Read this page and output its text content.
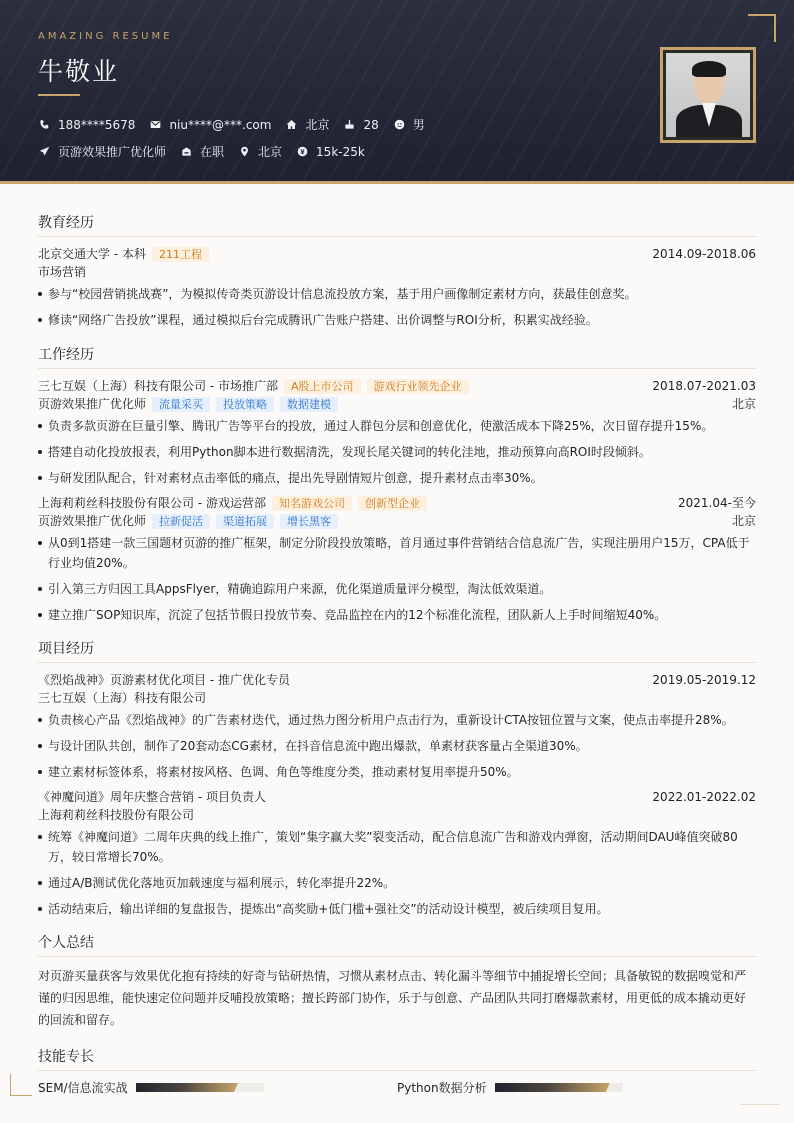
AMAZING RESUME
牛敬业
188****5678	niu****@***.com	北京	28	男
页游效果推广优化师	在职	北京	15k-25k
教育经历
北京交通大学 - 本科	211工程	2014.09-2018.06
市场营销
参与“校园营销挑战赛”，为模拟传奇类页游设计信息流投放方案，基于用户画像制定素材方向，获最佳创意奖。
修读“网络广告投放”课程，通过模拟后台完成腾讯广告账户搭建、出价调整与ROI分析，积累实战经验。
工作经历
三七互娱（上海）科技有限公司 - 市场推广部	A股上市公司	游戏行业领先企业	2018.07-2021.03
页游效果推广优化师	流量采买	投放策略	数据建模	北京
负责多款页游在巨量引擎、腾讯广告等平台的投放，通过人群包分层和创意优化，使激活成本下降25%，次日留存提升15%。
搭建自动化投放报表，利用Python脚本进行数据清洗，发现长尾关键词的转化洼地，推动预算向高ROI时段倾斜。
与研发团队配合，针对素材点击率低的痛点，提出先导剧情短片创意，提升素材点击率30%。
上海莉莉丝科技股份有限公司 - 游戏运营部	知名游戏公司	创新型企业	2021.04-至今
页游效果推广优化师	拉新促活	渠道拓展	增长黑客	北京
从0到1搭建一款三国题材页游的推广框架，制定分阶段投放策略，首月通过事件营销结合信息流广告，实现注册用户15万，CPA低于行业均值20%。
引入第三方归因工具AppsFlyer，精确追踪用户来源，优化渠道质量评分模型，淘汰低效渠道。
建立推广SOP知识库，沉淀了包括节假日投放节奏、竞品监控在内的12个标准化流程，团队新人上手时间缩短40%。
项目经历
《烈焰战神》页游素材优化项目 - 推广优化专员	2019.05-2019.12
三七互娱（上海）科技有限公司
负责核心产品《烈焰战神》的广告素材迭代，通过热力图分析用户点击行为，重新设计CTA按钮位置与文案，使点击率提升28%。
与设计团队共创，制作了20套动态CG素材，在抖音信息流中跑出爆款，单素材获客量占全渠道30%。
建立素材标签体系，将素材按风格、色调、角色等维度分类，推动素材复用率提升50%。
《神魔问道》周年庆整合营销 - 项目负责人	2022.01-2022.02
上海莉莉丝科技股份有限公司
统筹《神魔问道》二周年庆典的线上推广，策划“集字赢大奖”裂变活动，配合信息流广告和游戏内弹窗，活动期间DAU峰值突破80万，较日常增长70%。
通过A/B测试优化落地页加载速度与福利展示，转化率提升22%。
活动结束后，输出详细的复盘报告，提炼出“高奖励+低门槛+强社交”的活动设计模型，被后续项目复用。
个人总结
对页游买量获客与效果优化抱有持续的好奇与钻研热情，习惯从素材点击、转化漏斗等细节中捕捉增长空间；具备敏锐的数据嗅觉和严谨的归因思维，能快速定位问题并反哺投放策略；擅长跨部门协作，乐于与创意、产品团队共同打磨爆款素材，用更低的成本撬动更好的回流和留存。
技能专长
SEM/信息流实战	Python数据分析
